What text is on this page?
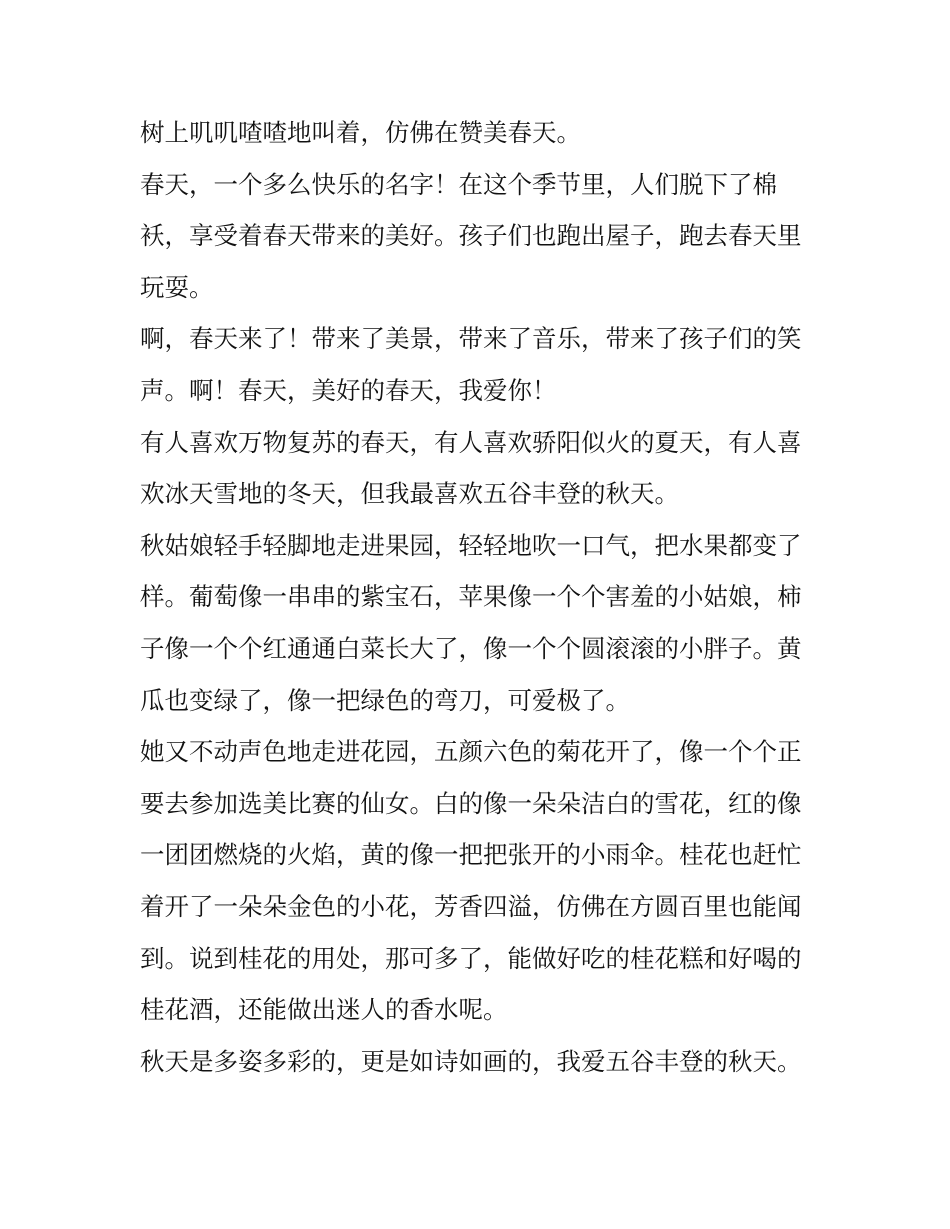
树上叽叽喳喳地叫着，仿佛在赞美春天。
春天，一个多么快乐的名字！在这个季节里，人们脱下了棉
袄，享受着春天带来的美好。孩子们也跑出屋子，跑去春天里
玩耍。
啊，春天来了！带来了美景，带来了音乐，带来了孩子们的笑
声。啊！春天，美好的春天，我爱你！
有人喜欢万物复苏的春天，有人喜欢骄阳似火的夏天，有人喜
欢冰天雪地的冬天，但我最喜欢五谷丰登的秋天。
秋姑娘轻手轻脚地走进果园，轻轻地吹一口气，把水果都变了
样。葡萄像一串串的紫宝石，苹果像一个个害羞的小姑娘，柿
子像一个个红通通白菜长大了，像一个个圆滚滚的小胖子。黄
瓜也变绿了，像一把绿色的弯刀，可爱极了。
她又不动声色地走进花园，五颜六色的菊花开了，像一个个正
要去参加选美比赛的仙女。白的像一朵朵洁白的雪花，红的像
一团团燃烧的火焰，黄的像一把把张开的小雨伞。桂花也赶忙
着开了一朵朵金色的小花，芳香四溢，仿佛在方圆百里也能闻
到。说到桂花的用处，那可多了，能做好吃的桂花糕和好喝的
桂花酒，还能做出迷人的香水呢。
秋天是多姿多彩的，更是如诗如画的，我爱五谷丰登的秋天。
